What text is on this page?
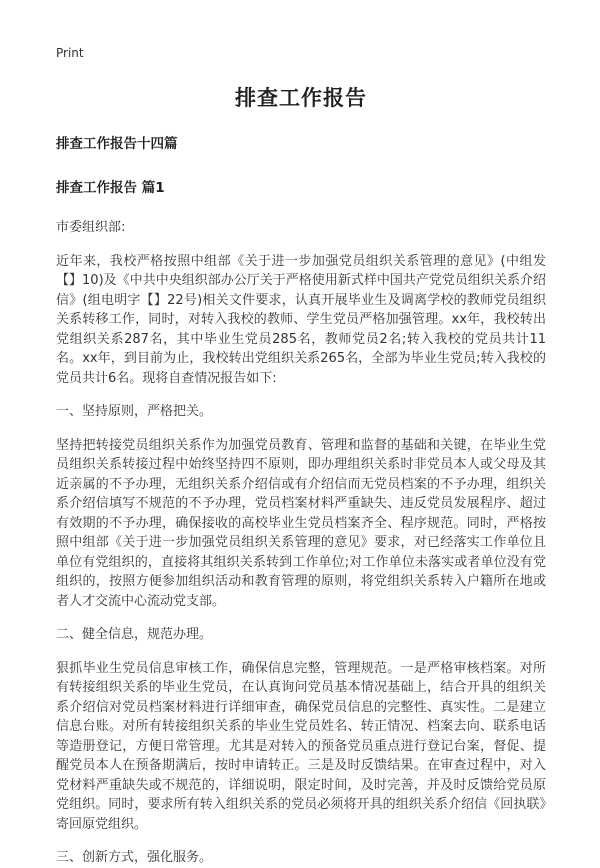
Print
排查工作报告
排查工作报告十四篇
排查工作报告 篇1

市委组织部:

近年来，我校严格按照中组部《关于进一步加强党员组织关系管理的意见》(中组发【】10)及《中共中央组织部办公厅关于严格使用新式样中国共产党党员组织关系介绍信》(组电明字【】22号)相关文件要求，认真开展毕业生及调离学校的教师党员组织关系转移工作，同时，对转入我校的教师、学生党员严格加强管理。xx年，我校转出党组织关系287名，其中毕业生党员285名，教师党员2名;转入我校的党员共计11名。xx年，到目前为止，我校转出党组织关系265名，全部为毕业生党员;转入我校的党员共计6名。现将自查情况报告如下:

一、坚持原则，严格把关。

坚持把转接党员组织关系作为加强党员教育、管理和监督的基础和关键，在毕业生党员组织关系转接过程中始终坚持四不原则，即办理组织关系时非党员本人或父母及其近亲属的不予办理，无组织关系介绍信或有介绍信而无党员档案的不予办理，组织关系介绍信填写不规范的不予办理，党员档案材料严重缺失、违反党员发展程序、超过有效期的不予办理，确保接收的高校毕业生党员档案齐全、程序规范。同时，严格按照中组部《关于进一步加强党员组织关系管理的意见》要求，对已经落实工作单位且单位有党组织的，直接将其组织关系转到工作单位;对工作单位未落实或者单位没有党组织的，按照方便参加组织活动和教育管理的原则，将党组织关系转入户籍所在地或者人才交流中心流动党支部。

二、健全信息，规范办理。

狠抓毕业生党员信息审核工作，确保信息完整，管理规范。一是严格审核档案。对所有转接组织关系的毕业生党员，在认真询问党员基本情况基础上，结合开具的组织关系介绍信对党员档案材料进行详细审查，确保党员信息的完整性、真实性。二是建立信息台账。对所有转接组织关系的毕业生党员姓名、转正情况、档案去向、联系电话等造册登记，方便日常管理。尤其是对转入的预备党员重点进行登记台案，督促、提醒党员本人在预备期满后，按时申请转正。三是及时反馈结果。在审查过程中，对入党材料严重缺失或不规范的，详细说明，限定时间，及时完善，并及时反馈给党员原党组织。同时，要求所有转入组织关系的党员必须将开具的组织关系介绍信《回执联》寄回原党组织。

三、创新方式，强化服务。
